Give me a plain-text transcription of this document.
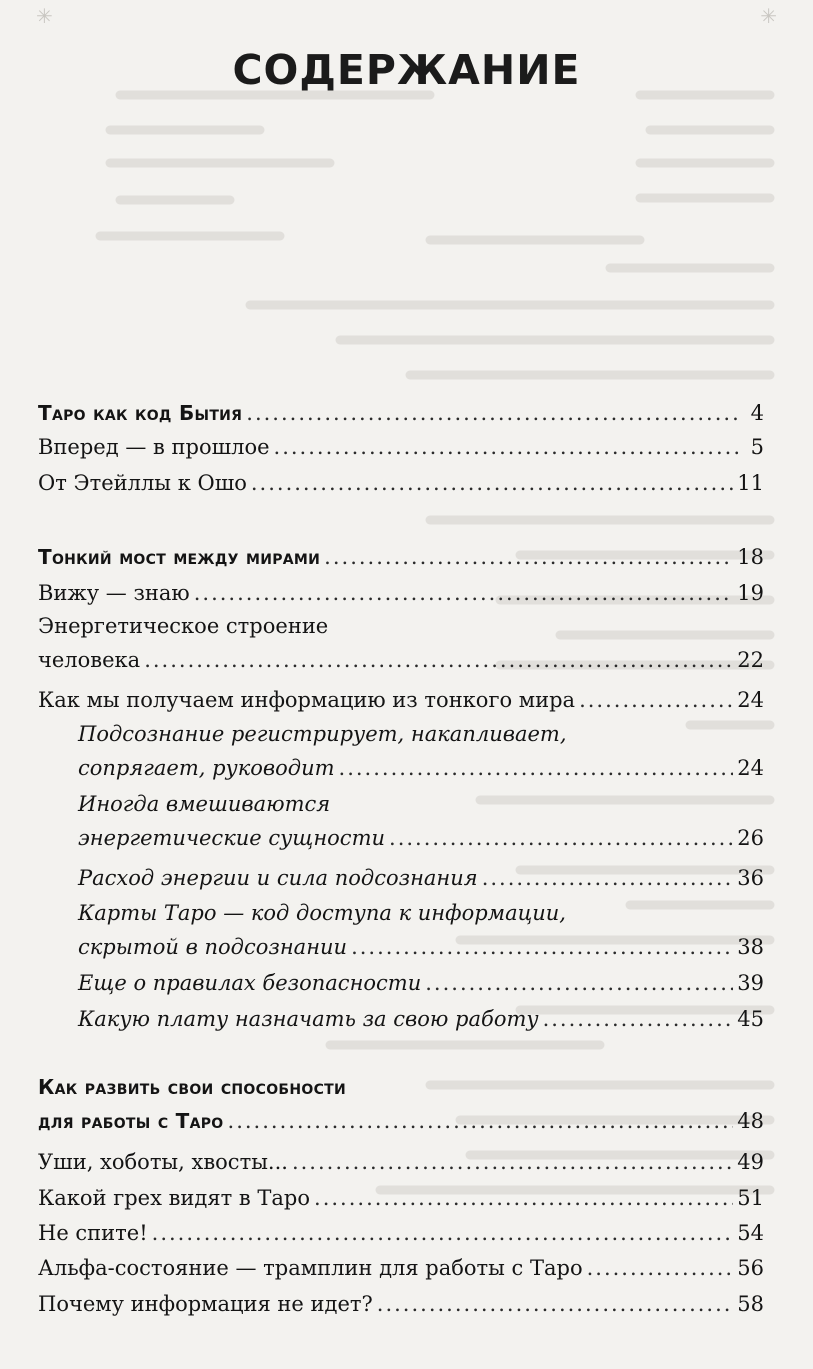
✳	✳
СОДЕРЖАНИЕ
Таро как код Бытия .....	4
Вперед — в прошлое .....	5
От Этейллы к Ошо .....	11
Тонкий мост между мирами .....	18
Вижу — знаю .....	19
Энергетическое строение
человека .....	22
Как мы получаем информацию из тонкого мира .....	24
Подсознание регистрирует, накапливает,
сопрягает, руководит .....	24
Иногда вмешиваются
энергетические сущности .....	26
Расход энергии и сила подсознания .....	36
Карты Таро — код доступа к информации,
скрытой в подсознании .....	38
Еще о правилах безопасности .....	39
Какую плату назначать за свою работу .....	45
Как развить свои способности
для работы с Таро .....	48
Уши, хоботы, хвосты... .....	49
Какой грех видят в Таро .....	51
Не спите! .....	54
Альфа-состояние — трамплин для работы с Таро .....	56
Почему информация не идет? .....	58
